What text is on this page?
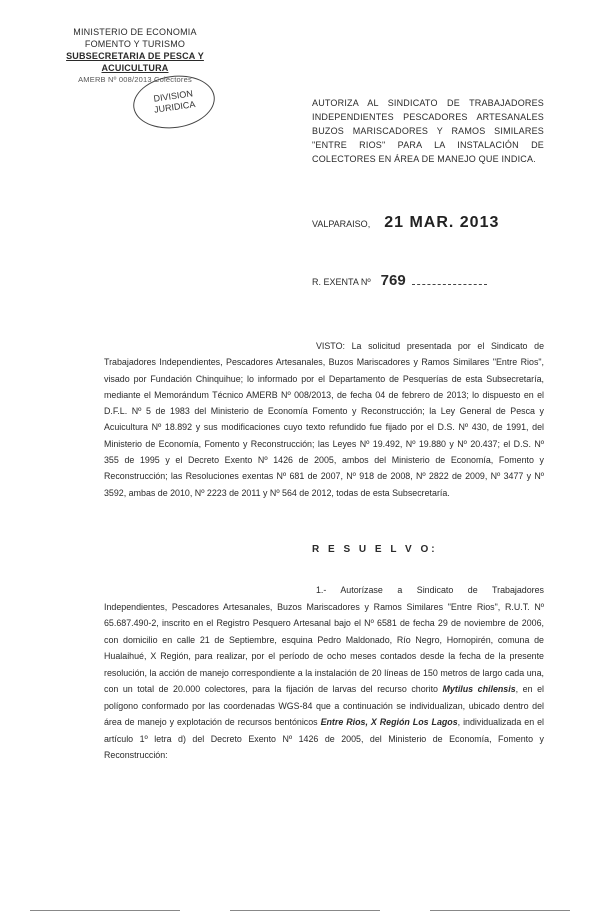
MINISTERIO DE ECONOMIA
FOMENTO Y TURISMO
SUBSECRETARIA DE PESCA Y ACUICULTURA
AMERB Nº 008/2013 Colectores
DIVISION
JURIDICA	AUTORIZA AL SINDICATO DE TRABAJADORES INDEPENDIENTES PESCADORES ARTESANALES BUZOS MARISCADORES Y RAMOS SIMILARES "ENTRE RIOS" PARA LA INSTALACIÓN DE COLECTORES EN ÁREA DE MANEJO QUE INDICA.
VALPARAISO, 21 MAR. 2013
R. EXENTA Nº 769
VISTO: La solicitud presentada por el Sindicato de Trabajadores Independientes, Pescadores Artesanales, Buzos Mariscadores y Ramos Similares "Entre Rios", visado por Fundación Chinquihue; lo informado por el Departamento de Pesquerías de esta Subsecretaría, mediante el Memorándum Técnico AMERB Nº 008/2013, de fecha 04 de febrero de 2013; lo dispuesto en el D.F.L. Nº 5 de 1983 del Ministerio de Economía Fomento y Reconstrucción; la Ley General de Pesca y Acuicultura Nº 18.892 y sus modificaciones cuyo texto refundido fue fijado por el D.S. Nº 430, de 1991, del Ministerio de Economía, Fomento y Reconstrucción; las Leyes Nº 19.492, Nº 19.880 y Nº 20.437; el D.S. Nº 355 de 1995 y el Decreto Exento Nº 1426 de 2005, ambos del Ministerio de Economía, Fomento y Reconstrucción; las Resoluciones exentas Nº 681 de 2007, Nº 918 de 2008, Nº 2822 de 2009, Nº 3477 y Nº 3592, ambas de 2010, Nº 2223 de 2011 y Nº 564 de 2012, todas de esta Subsecretaría.
R E S U E L V O:
1.- Autorízase a Sindicato de Trabajadores Independientes, Pescadores Artesanales, Buzos Mariscadores y Ramos Similares "Entre Rios", R.U.T. Nº 65.687.490-2, inscrito en el Registro Pesquero Artesanal bajo el Nº 6581 de fecha 29 de noviembre de 2006, con domicilio en calle 21 de Septiembre, esquina Pedro Maldonado, Río Negro, Hornopirén, comuna de Hualaihué, X Región, para realizar, por el período de ocho meses contados desde la fecha de la presente resolución, la acción de manejo correspondiente a la instalación de 20 líneas de 150 metros de largo cada una, con un total de 20.000 colectores, para la fijación de larvas del recurso chorito Mytilus chilensis, en el polígono conformado por las coordenadas WGS-84 que a continuación se individualizan, ubicado dentro del área de manejo y explotación de recursos bentónicos Entre Rios, X Región Los Lagos, individualizada en el artículo 1º letra d) del Decreto Exento Nº 1426 de 2005, del Ministerio de Economía, Fomento y Reconstrucción:
